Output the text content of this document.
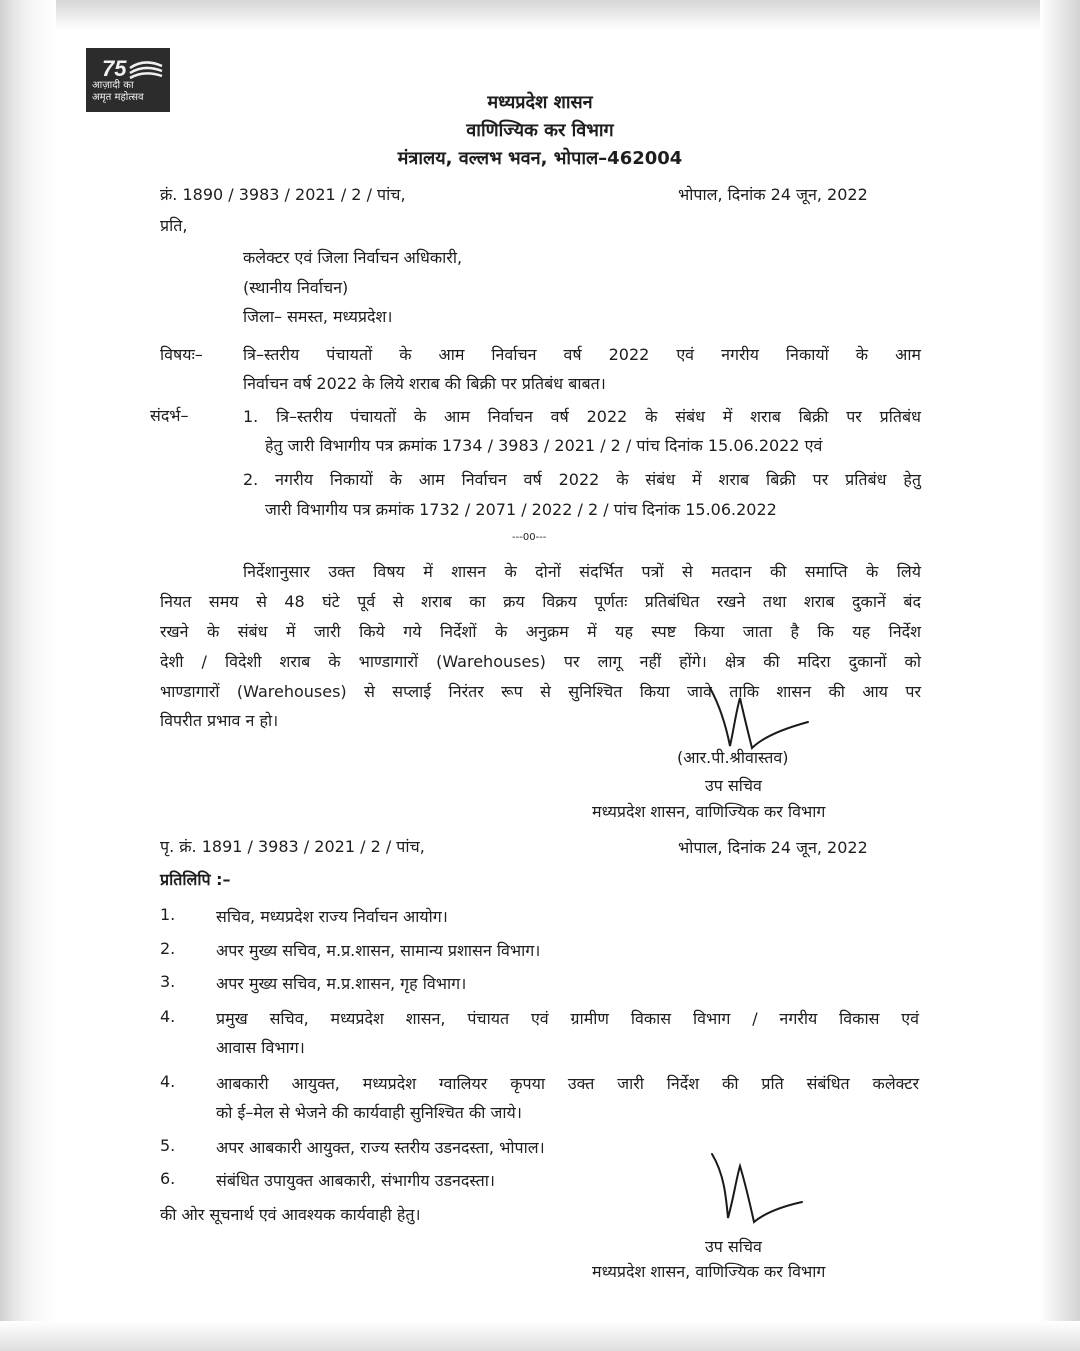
75
आज़ादी का
अमृत महोत्सव	मध्यप्रदेश शासन
वाणिज्यिक कर विभाग
मंत्रालय, वल्लभ भवन, भोपाल–462004
क्रं. 1890 / 3983 / 2021 / 2 / पांच,	भोपाल, दिनांक 24 जून, 2022
प्रति,
कलेक्टर एवं जिला निर्वाचन अधिकारी,
(स्थानीय निर्वाचन)
जिला– समस्त, मध्यप्रदेश।
विषयः–	त्रि–स्तरीय पंचायतों के आम निर्वाचन वर्ष 2022 एवं नगरीय निकायों के आम
निर्वाचन वर्ष 2022 के लिये शराब की बिक्री पर प्रतिबंध बाबत।
संदर्भ–	1. त्रि–स्तरीय पंचायतों के आम निर्वाचन वर्ष 2022 के संबंध में शराब बिक्री पर प्रतिबंध
हेतु जारी विभागीय पत्र क्रमांक 1734 / 3983 / 2021 / 2 / पांच दिनांक 15.06.2022 एवं
2. नगरीय निकायों के आम निर्वाचन वर्ष 2022 के संबंध में शराब बिक्री पर प्रतिबंध हेतु
जारी विभागीय पत्र क्रमांक 1732 / 2071 / 2022 / 2 / पांच दिनांक 15.06.2022
---00---
निर्देशानुसार उक्त विषय में शासन के दोनों संदर्भित पत्रों से मतदान की समाप्ति के लिये
नियत समय से 48 घंटे पूर्व से शराब का क्रय विक्रय पूर्णतः प्रतिबंधित रखने तथा शराब दुकानें बंद
रखने के संबंध में जारी किये गये निर्देशों के अनुक्रम में यह स्पष्ट किया जाता है कि यह निर्देश
देशी / विदेशी शराब के भाण्डागारों (Warehouses) पर लागू नहीं होंगे। क्षेत्र की मदिरा दुकानों को
भाण्डागारों (Warehouses) से सप्लाई निरंतर रूप से सुनिश्चित किया जावे ताकि शासन की आय पर
विपरीत प्रभाव न हो।
(आर.पी.श्रीवास्तव)
उप सचिव
मध्यप्रदेश शासन, वाणिज्यिक कर विभाग
पृ. क्रं. 1891 / 3983 / 2021 / 2 / पांच,	भोपाल, दिनांक 24 जून, 2022
प्रतिलिपि :–
1.	सचिव, मध्यप्रदेश राज्य निर्वाचन आयोग।
2.	अपर मुख्य सचिव, म.प्र.शासन, सामान्य प्रशासन विभाग।
3.	अपर मुख्य सचिव, म.प्र.शासन, गृह विभाग।
4.	प्रमुख सचिव, मध्यप्रदेश शासन, पंचायत एवं ग्रामीण विकास विभाग / नगरीय विकास एवं
आवास विभाग।
4.	आबकारी आयुक्त, मध्यप्रदेश ग्वालियर कृपया उक्त जारी निर्देश की प्रति संबंधित कलेक्टर
को ई–मेल से भेजने की कार्यवाही सुनिश्चित की जाये।
5.	अपर आबकारी आयुक्त, राज्य स्तरीय उडनदस्ता, भोपाल।
6.	संबंधित उपायुक्त आबकारी, संभागीय उडनदस्ता।
की ओर सूचनार्थ एवं आवश्यक कार्यवाही हेतु।
उप सचिव
मध्यप्रदेश शासन, वाणिज्यिक कर विभाग
